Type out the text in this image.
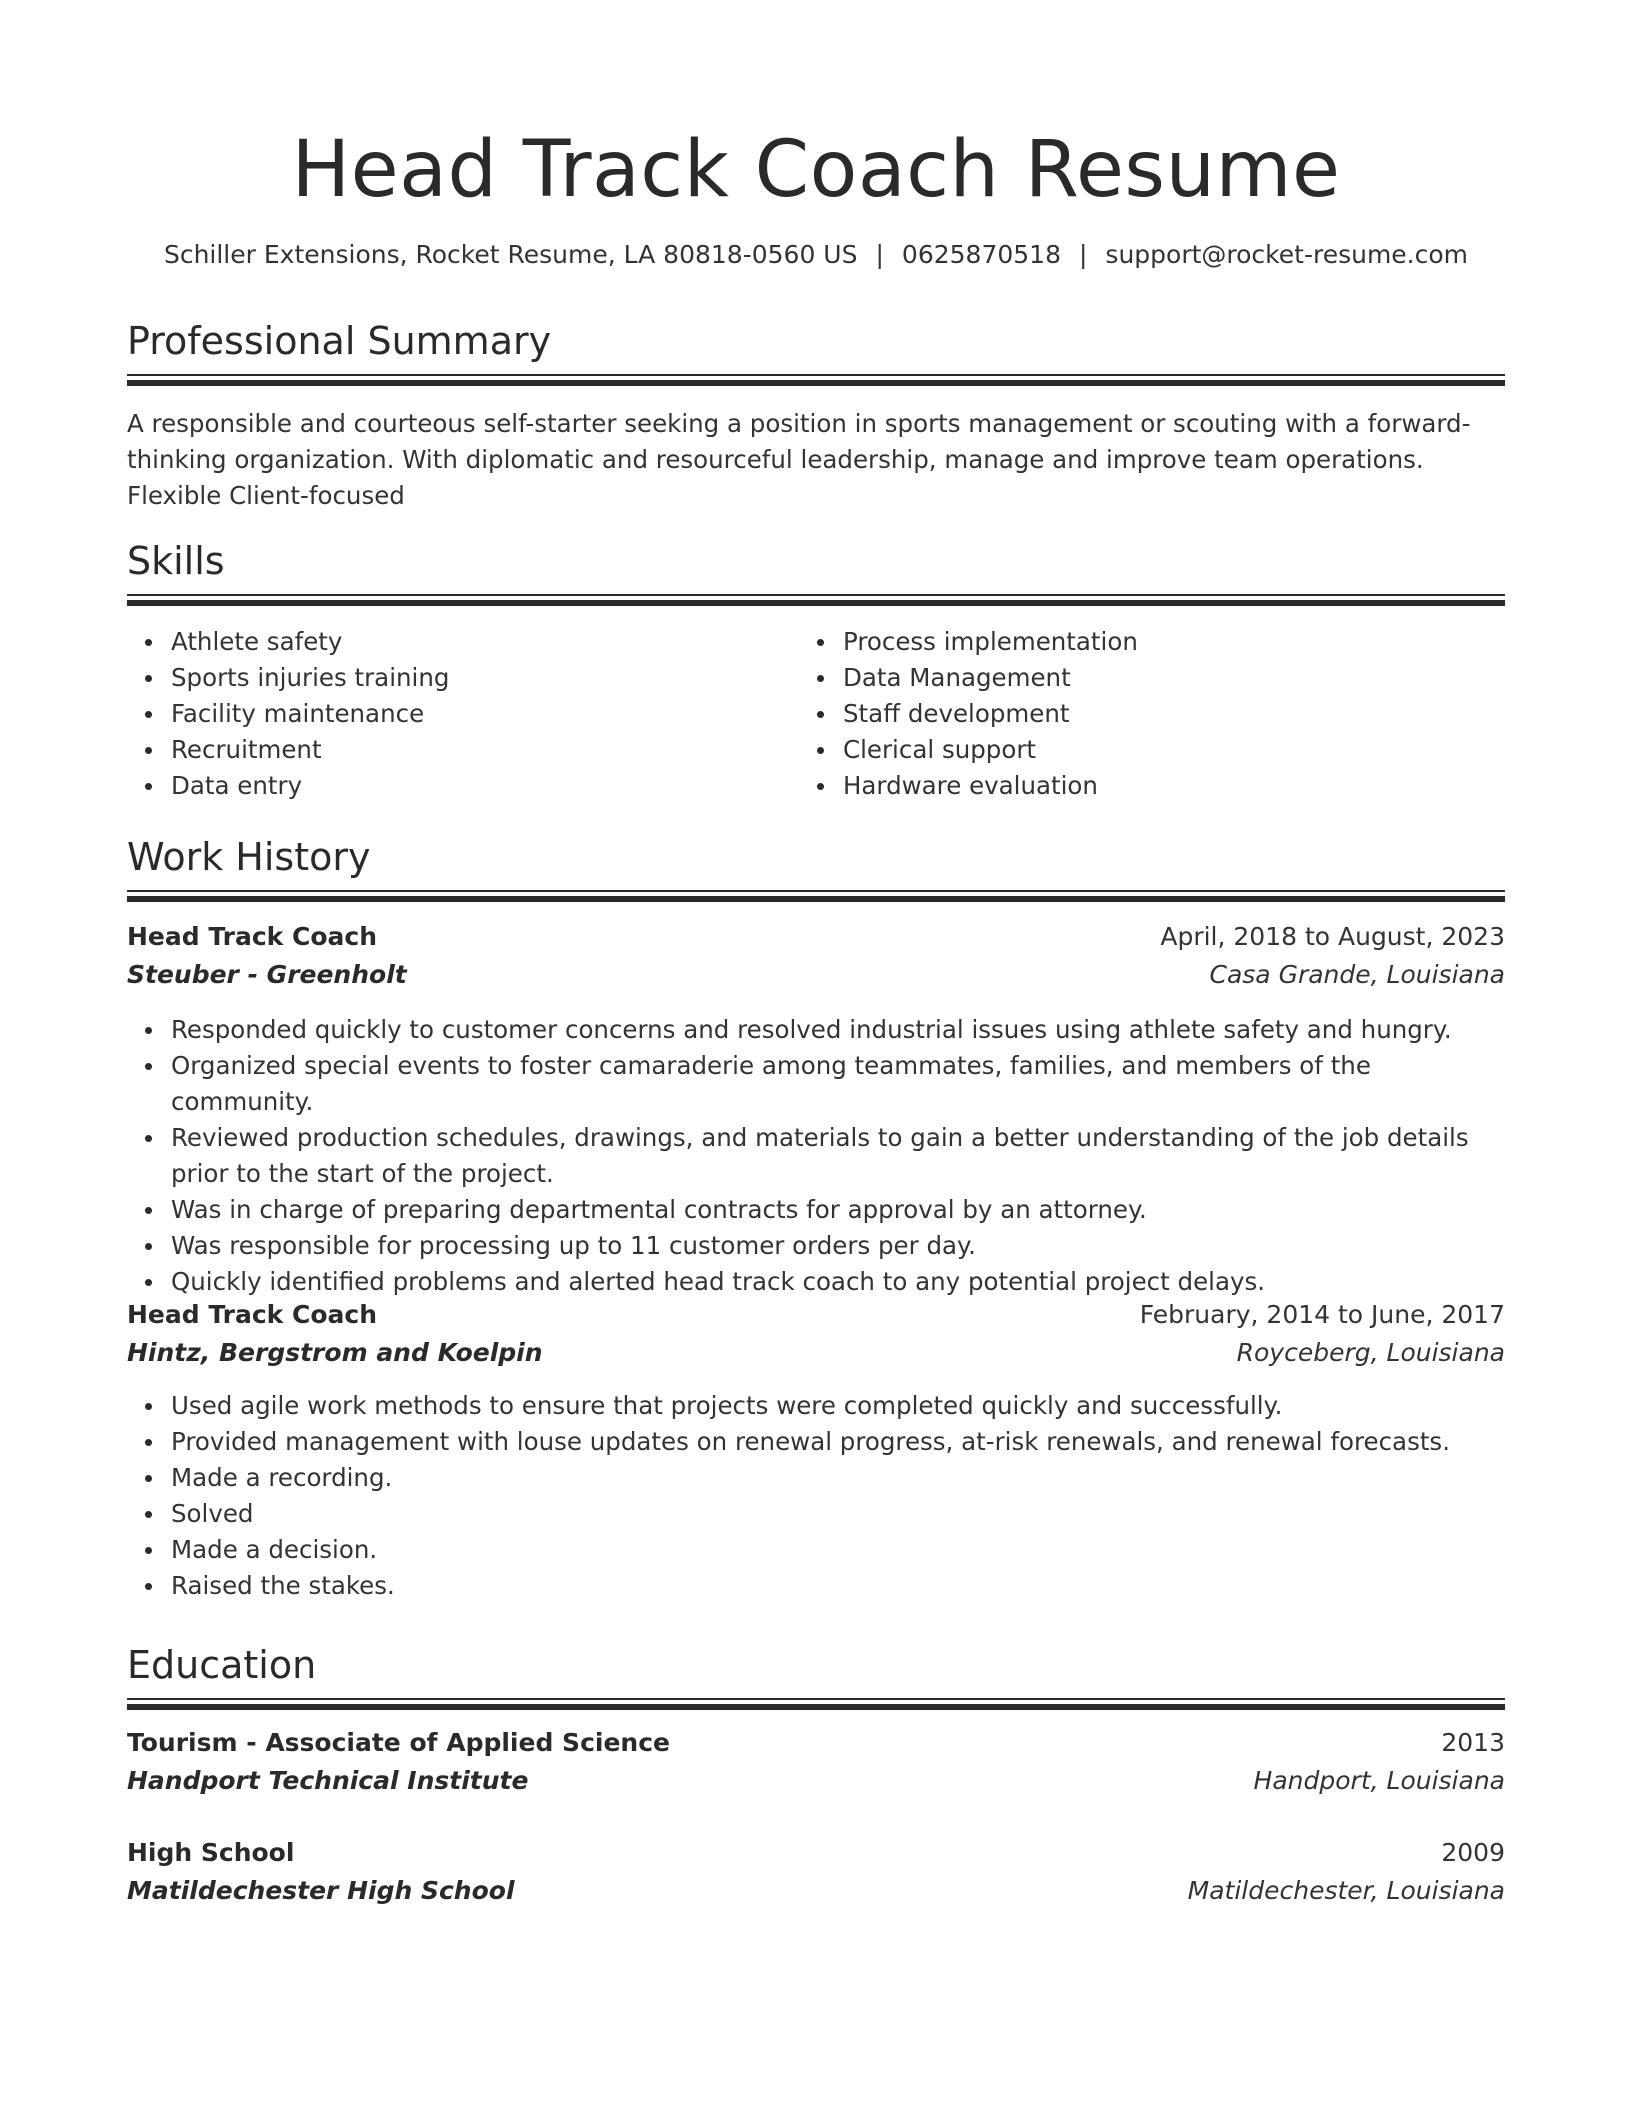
Head Track Coach Resume
Schiller Extensions, Rocket Resume, LA 80818-0560 US | 0625870518 | support@rocket-resume.com
Professional Summary
A responsible and courteous self-starter seeking a position in sports management or scouting with a forward-thinking organization. With diplomatic and resourceful leadership, manage and improve team operations. Flexible Client-focused
Skills
Athlete safety
Sports injuries training
Facility maintenance
Recruitment
Data entry
Process implementation
Data Management
Staff development
Clerical support
Hardware evaluation
Work History
Head Track Coach	April, 2018 to August, 2023
Steuber - Greenholt	Casa Grande, Louisiana
Responded quickly to customer concerns and resolved industrial issues using athlete safety and hungry.
Organized special events to foster camaraderie among teammates, families, and members of the community.
Reviewed production schedules, drawings, and materials to gain a better understanding of the job details prior to the start of the project.
Was in charge of preparing departmental contracts for approval by an attorney.
Was responsible for processing up to 11 customer orders per day.
Quickly identified problems and alerted head track coach to any potential project delays.
Head Track Coach	February, 2014 to June, 2017
Hintz, Bergstrom and Koelpin	Royceberg, Louisiana
Used agile work methods to ensure that projects were completed quickly and successfully.
Provided management with louse updates on renewal progress, at-risk renewals, and renewal forecasts.
Made a recording.
Solved
Made a decision.
Raised the stakes.
Education
Tourism - Associate of Applied Science	2013
Handport Technical Institute	Handport, Louisiana
High School	2009
Matildechester High School	Matildechester, Louisiana
